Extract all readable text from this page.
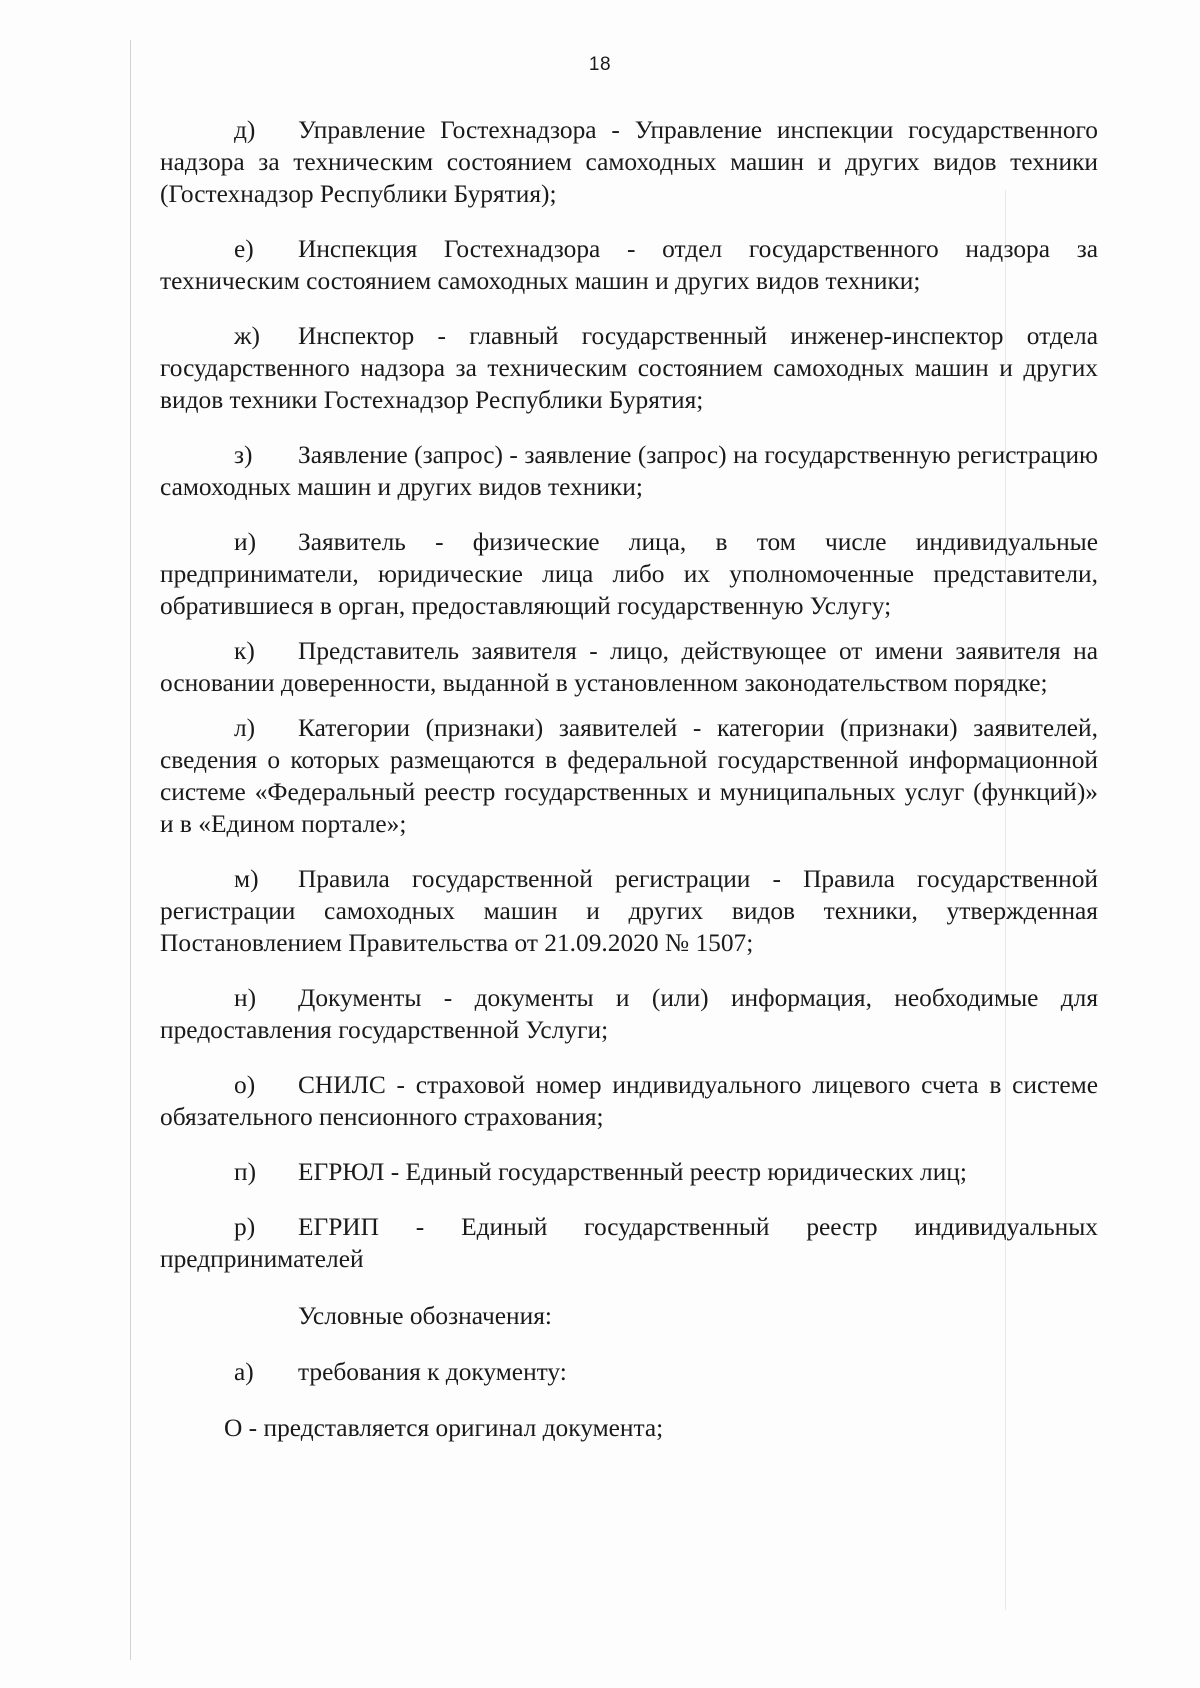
18

д) Управление Гостехнадзора - Управление инспекции государственного надзора за техническим состоянием самоходных машин и других видов техники (Гостехнадзор Республики Бурятия);

е) Инспекция Гостехнадзора - отдел государственного надзора за техническим состоянием самоходных машин и других видов техники;

ж) Инспектор - главный государственный инженер-инспектор отдела государственного надзора за техническим состоянием самоходных машин и других видов техники Гостехнадзор Республики Бурятия;

з) Заявление (запрос) - заявление (запрос) на государственную регистрацию самоходных машин и других видов техники;

и) Заявитель - физические лица, в том числе индивидуальные предприниматели, юридические лица либо их уполномоченные представители, обратившиеся в орган, предоставляющий государственную Услугу;

к) Представитель заявителя - лицо, действующее от имени заявителя на основании доверенности, выданной в установленном законодательством порядке;

л) Категории (признаки) заявителей - категории (признаки) заявителей, сведения о которых размещаются в федеральной государственной информационной системе «Федеральный реестр государственных и муниципальных услуг (функций)» и в «Едином портале»;

м) Правила государственной регистрации - Правила государственной регистрации самоходных машин и других видов техники, утвержденная Постановлением Правительства от 21.09.2020 № 1507;

н) Документы - документы и (или) информация, необходимые для предоставления государственной Услуги;

о) СНИЛС - страховой номер индивидуального лицевого счета в системе обязательного пенсионного страхования;

п) ЕГРЮЛ - Единый государственный реестр юридических лиц;

р) ЕГРИП - Единый государственный реестр индивидуальных предпринимателей

Условные обозначения:
а) требования к документу:
О - представляется оригинал документа;
